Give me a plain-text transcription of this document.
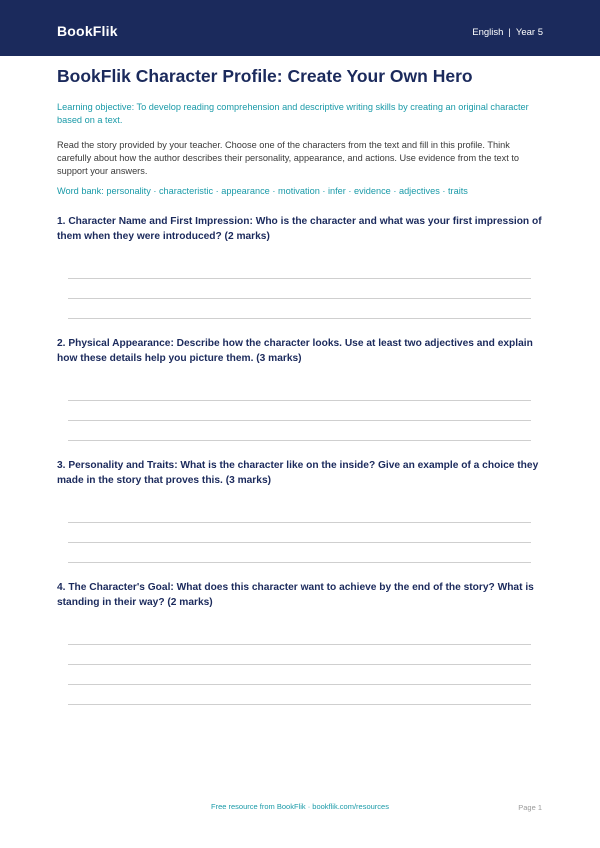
BookFlik	English | Year 5
BookFlik Character Profile: Create Your Own Hero
Learning objective: To develop reading comprehension and descriptive writing skills by creating an original character based on a text.
Read the story provided by your teacher. Choose one of the characters from the text and fill in this profile. Think carefully about how the author describes their personality, appearance, and actions. Use evidence from the text to support your answers.
Word bank: personality · characteristic · appearance · motivation · infer · evidence · adjectives · traits
1. Character Name and First Impression: Who is the character and what was your first impression of them when they were introduced? (2 marks)
2. Physical Appearance: Describe how the character looks. Use at least two adjectives and explain how these details help you picture them. (3 marks)
3. Personality and Traits: What is the character like on the inside? Give an example of a choice they made in the story that proves this. (3 marks)
4. The Character's Goal: What does this character want to achieve by the end of the story? What is standing in their way? (2 marks)
Free resource from BookFlik · bookflik.com/resources	Page 1
